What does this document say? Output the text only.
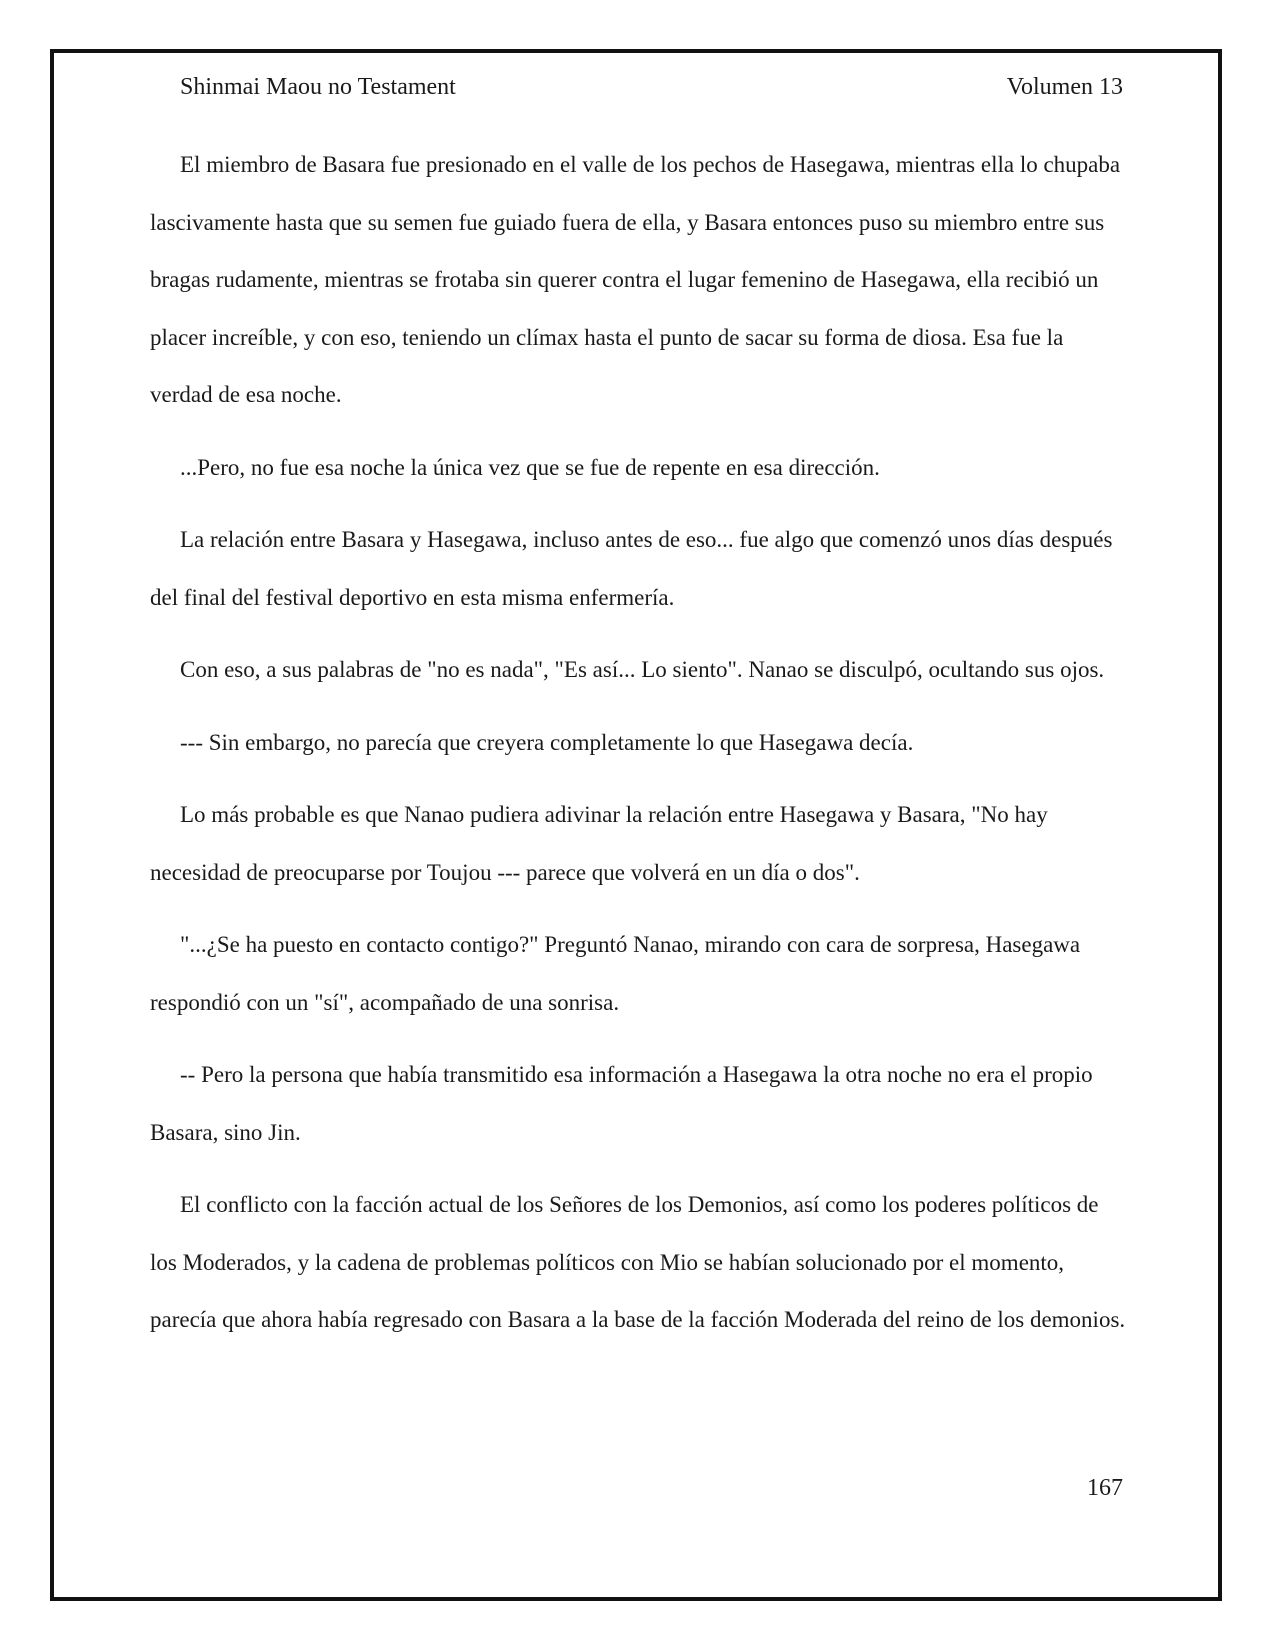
Shinmai Maou no Testament	Volumen 13

El miembro de Basara fue presionado en el valle de los pechos de Hasegawa, mientras ella lo chupaba lascivamente hasta que su semen fue guiado fuera de ella, y Basara entonces puso su miembro entre sus bragas rudamente, mientras se frotaba sin querer contra el lugar femenino de Hasegawa, ella recibió un placer increíble, y con eso, teniendo un clímax hasta el punto de sacar su forma de diosa. Esa fue la verdad de esa noche.

...Pero, no fue esa noche la única vez que se fue de repente en esa dirección.

La relación entre Basara y Hasegawa, incluso antes de eso... fue algo que comenzó unos días después del final del festival deportivo en esta misma enfermería.

Con eso, a sus palabras de "no es nada", "Es así... Lo siento". Nanao se disculpó, ocultando sus ojos.

--- Sin embargo, no parecía que creyera completamente lo que Hasegawa decía.

Lo más probable es que Nanao pudiera adivinar la relación entre Hasegawa y Basara, "No hay necesidad de preocuparse por Toujou --- parece que volverá en un día o dos".

"...¿Se ha puesto en contacto contigo?" Preguntó Nanao, mirando con cara de sorpresa, Hasegawa respondió con un "sí", acompañado de una sonrisa.

-- Pero la persona que había transmitido esa información a Hasegawa la otra noche no era el propio Basara, sino Jin.

El conflicto con la facción actual de los Señores de los Demonios, así como los poderes políticos de los Moderados, y la cadena de problemas políticos con Mio se habían solucionado por el momento, parecía que ahora había regresado con Basara a la base de la facción Moderada del reino de los demonios.

167
